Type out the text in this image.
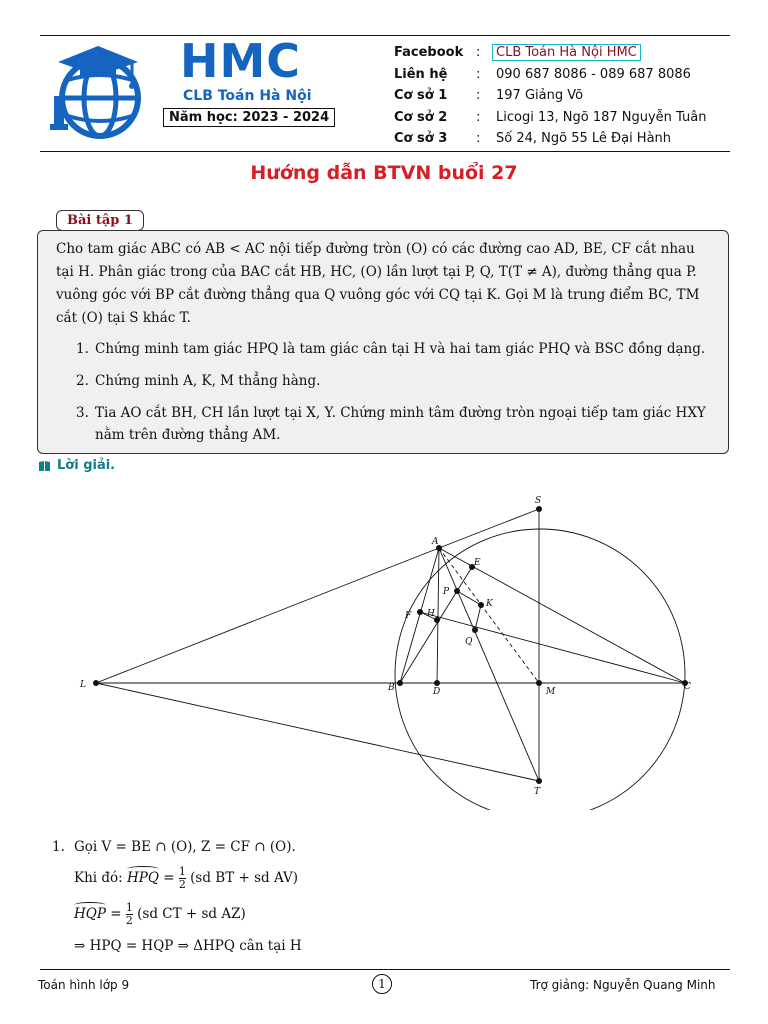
HMC
CLB Toán Hà Nội
Năm học: 2023 - 2024
Facebook :	CLB Toán Hà Nội HMC
Liên hệ	:	090 687 8086 - 089 687 8086
Cơ sở 1	:	197 Giảng Võ
Cơ sở 2	:	Licogi 13, Ngõ 187 Nguyễn Tuân
Cơ sở 3	:	Số 24, Ngõ 55 Lê Đại Hành
Hướng dẫn BTVN buổi 27
Bài tập 1
Cho tam giác ABC có AB < AC nội tiếp đường tròn (O) có các đường cao AD, BE, CF cắt nhau tại H. Phân giác trong của BAC cắt HB, HC, (O) lần lượt tại P, Q, T(T ≠ A), đường thẳng qua P. vuông góc với BP cắt đường thẳng qua Q vuông góc với CQ tại K. Gọi M là trung điểm BC, TM cắt (O) tại S khác T.
1. Chứng minh tam giác HPQ là tam giác cân tại H và hai tam giác PHQ và BSC đồng dạng.
2. Chứng minh A, K, M thẳng hàng.
3. Tia AO cắt BH, CH lần lượt tại X, Y. Chứng minh tâm đường tròn ngoại tiếp tam giác HXY nằm trên đường thẳng AM.
Lời giải.
S
A
E
P
K
F H
Q
L	B	D	M	C
T
1. Gọi V = BE ∩ (O), Z = CF ∩ (O).
Khi đó: HPQ = $\frac{1}{2} (sd$ BT + sd AV)
HQP = $\frac{1}{2} (sd$ CT + sd AZ)
⇒ HPQ = HQP ⇒ ΔHPQ cân tại H
Toán hình lớp 9	1	Trợ giảng: Nguyễn Quang Minh
